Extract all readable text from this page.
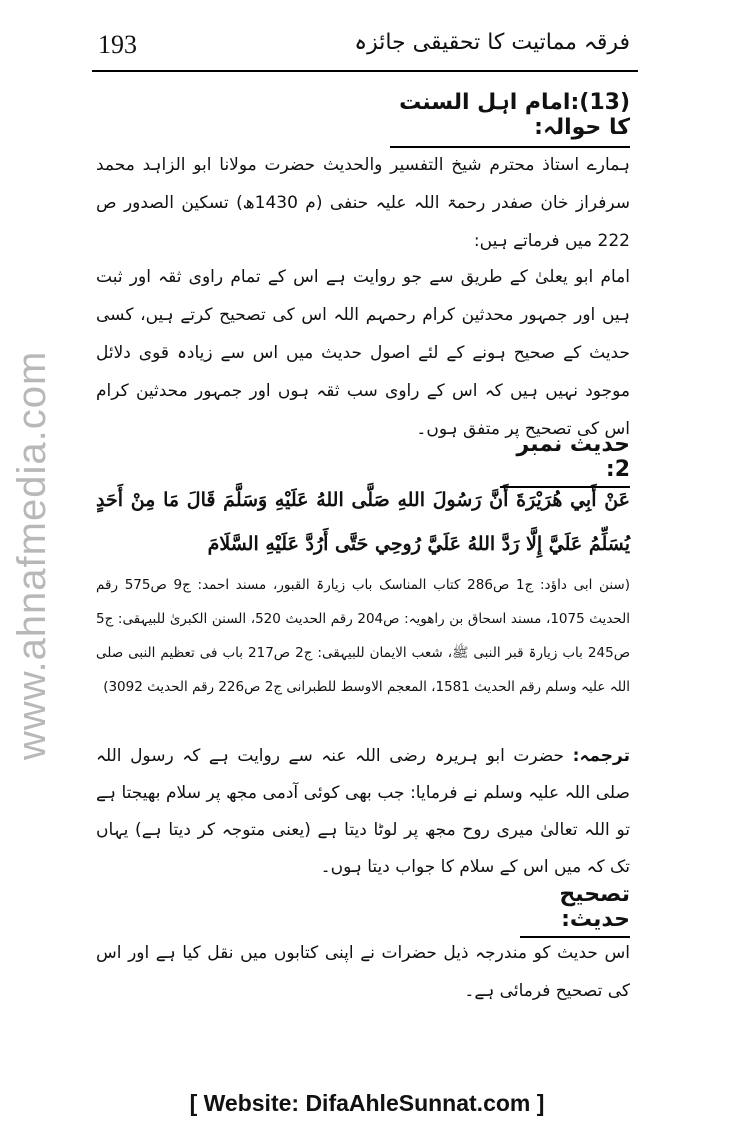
193	فرقہ مماتیت کا تحقیقی جائزہ
(13):امام اہل السنت کا حوالہ:
ہمارے استاذ محترم شیخ التفسیر والحدیث حضرت مولانا ابو الزاہد محمد سرفراز خان صفدر رحمۃ اللہ علیہ حنفی (م 1430ھ) تسکین الصدور ص 222 میں فرماتے ہیں:
امام ابو یعلیٰ کے طریق سے جو روایت ہے اس کے تمام راوی ثقہ اور ثبت ہیں اور جمہور محدثین کرام رحمہم اللہ اس کی تصحیح کرتے ہیں، کسی حدیث کے صحیح ہونے کے لئے اصول حدیث میں اس سے زیادہ قوی دلائل موجود نہیں ہیں کہ اس کے راوی سب ثقہ ہوں اور جمہور محدثین کرام اس کی تصحیح پر متفق ہوں۔
حدیث نمبر 2:
عَنْ أَبِي هُرَيْرَةَ أَنَّ رَسُولَ اللهِ صَلَّى اللهُ عَلَيْهِ وَسَلَّمَ قَالَ مَا مِنْ أَحَدٍ يُسَلِّمُ عَلَيَّ إِلَّا رَدَّ اللهُ عَلَيَّ رُوحِي حَتَّى أَرُدَّ عَلَيْهِ السَّلَامَ
(سنن ابی داؤد: ج1 ص286 کتاب المناسک باب زیارۃ القبور، مسند احمد: ج9 ص575 رقم الحدیث 1075، مسند اسحاق بن راھویہ: ص204 رقم الحدیث 520، السنن الکبریٰ للبیہقی: ج5 ص245 باب زیارۃ قبر النبی ﷺ، شعب الایمان للبیہقی: ج2 ص217 باب فی تعظیم النبی صلی اللہ علیہ وسلم رقم الحدیث 1581، المعجم الاوسط للطبرانی ج2 ص226 رقم الحدیث 3092)
ترجمہ: حضرت ابو ہریرہ رضی اللہ عنہ سے روایت ہے کہ رسول اللہ صلی اللہ علیہ وسلم نے فرمایا: جب بھی کوئی آدمی مجھ پر سلام بھیجتا ہے تو اللہ تعالیٰ میری روح مجھ پر لوٹا دیتا ہے (یعنی متوجہ کر دیتا ہے) یہاں تک کہ میں اس کے سلام کا جواب دیتا ہوں۔
تصحیح حدیث:
اس حدیث کو مندرجہ ذیل حضرات نے اپنی کتابوں میں نقل کیا ہے اور اس کی تصحیح فرمائی ہے۔
www.ahnafmedia.com
[ Website: DifaAhleSunnat.com ]
